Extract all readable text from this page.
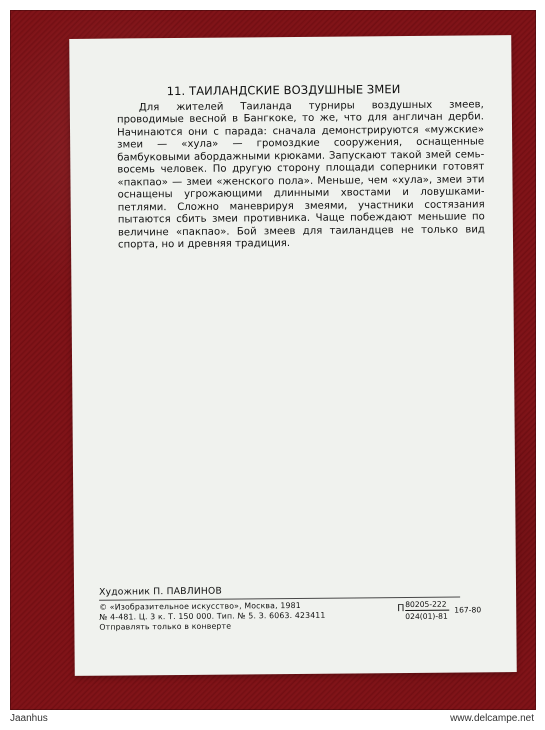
11. ТАИЛАНДСКИЕ ВОЗДУШНЫЕ ЗМЕИ

Для жителей Таиланда турниры воздушных змеев, проводимые весной в Бангкоке, то же, что для англичан дерби. Начинаются они с парада: сначала демонстрируются «мужские» змеи — «хула» — громоздкие сооружения, оснащенные бамбуковыми абордажными крюками. Запускают такой змей семь-восемь человек. По другую сторону площади соперники готовят «пакпао» — змеи «женского пола». Меньше, чем «хула», змеи эти оснащены угрожающими длинными хвостами и ловушками-петлями. Сложно маневрируя змеями, участники состязания пытаются сбить змеи противника. Чаще побеждают меньшие по величине «пакпао». Бой змеев для таиландцев не только вид спорта, но и древняя традиция.

Художник П. ПАВЛИНОВ
© «Изобразительное искусство», Москва, 1981
№ 4-481. Ц. 3 к. Т. 150 000. Тип. № 5. З. 6063. 423411
Отправлять только в конверте
П 80205-222
024(01)-81
167-80
Jaanhus	www.delcampe.net
